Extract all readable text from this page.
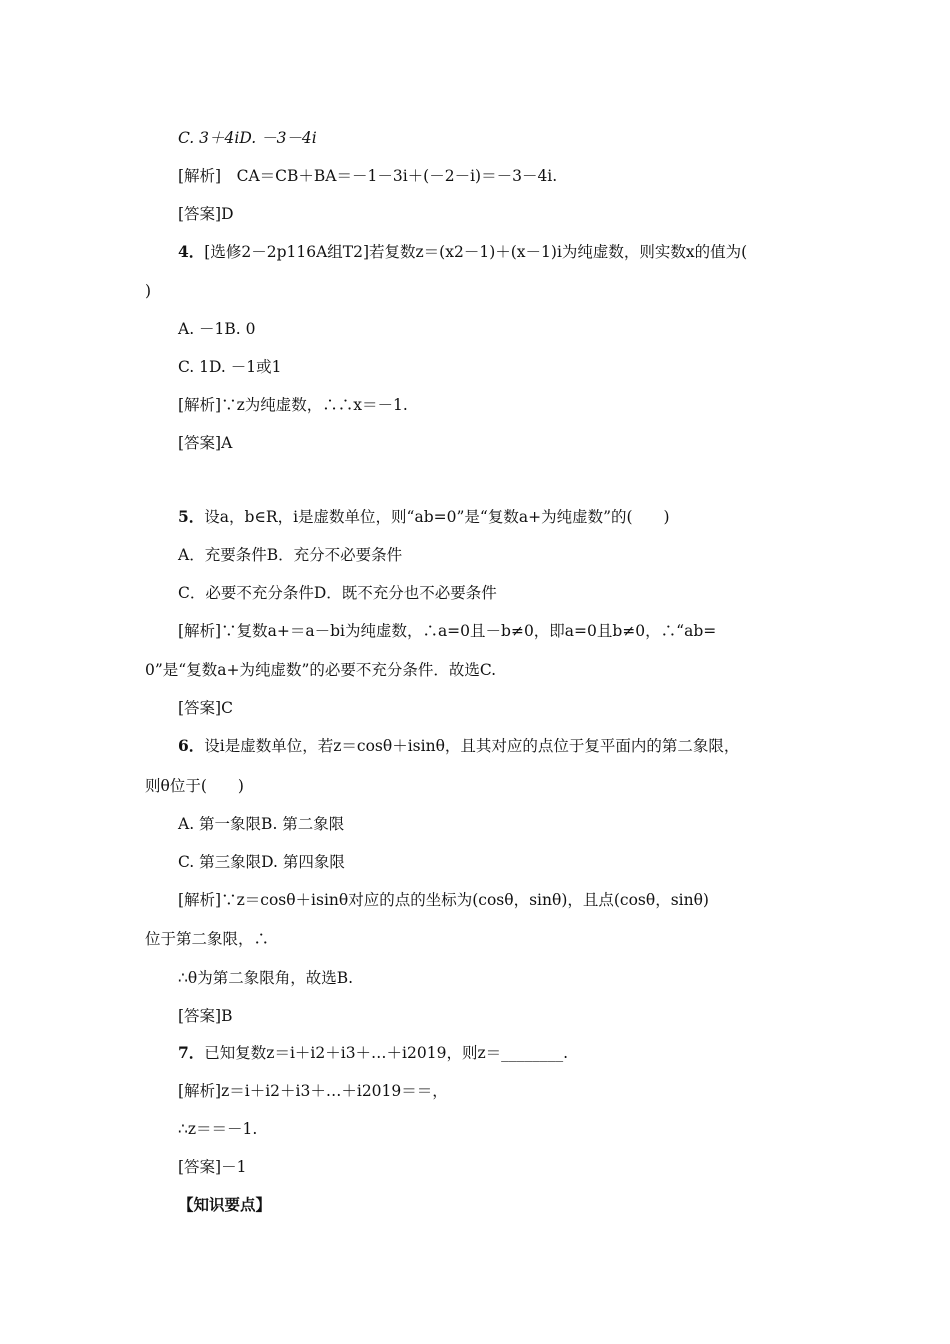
C. 3＋4iD. －3－4i
[解析]　CA＝CB＋BA＝－1－3i＋(－2－i)＝－3－4i.
[答案]D
4．[选修2－2p116A组T2]若复数z＝(x2－1)＋(x－1)i为纯虚数，则实数x的值为(
)
A. －1B. 0
C. 1D. －1或1
[解析]∵z为纯虚数，∴∴x＝－1.
[答案]A
5．设a，b∈R，i是虚数单位，则“ab=0”是“复数a+为纯虚数”的(　　)
A．充要条件B．充分不必要条件
C．必要不充分条件D．既不充分也不必要条件
[解析]∵复数a+＝a－bi为纯虚数，∴a=0且－b≠0，即a=0且b≠0，∴“ab=
0”是“复数a+为纯虚数”的必要不充分条件．故选C.
[答案]C
6．设i是虚数单位，若z＝cosθ＋isinθ，且其对应的点位于复平面内的第二象限，
则θ位于(　　)
A. 第一象限B. 第二象限
C. 第三象限D. 第四象限
[解析]∵z＝cosθ＋isinθ对应的点的坐标为(cosθ，sinθ)，且点(cosθ，sinθ)
位于第二象限，∴
∴θ为第二象限角，故选B.
[答案]B
7．已知复数z＝i＋i2＋i3＋…＋i2019，则z＝________.
[解析]z＝i＋i2＋i3＋…＋i2019＝＝，
∴z＝＝－1.
[答案]－1
【知识要点】
